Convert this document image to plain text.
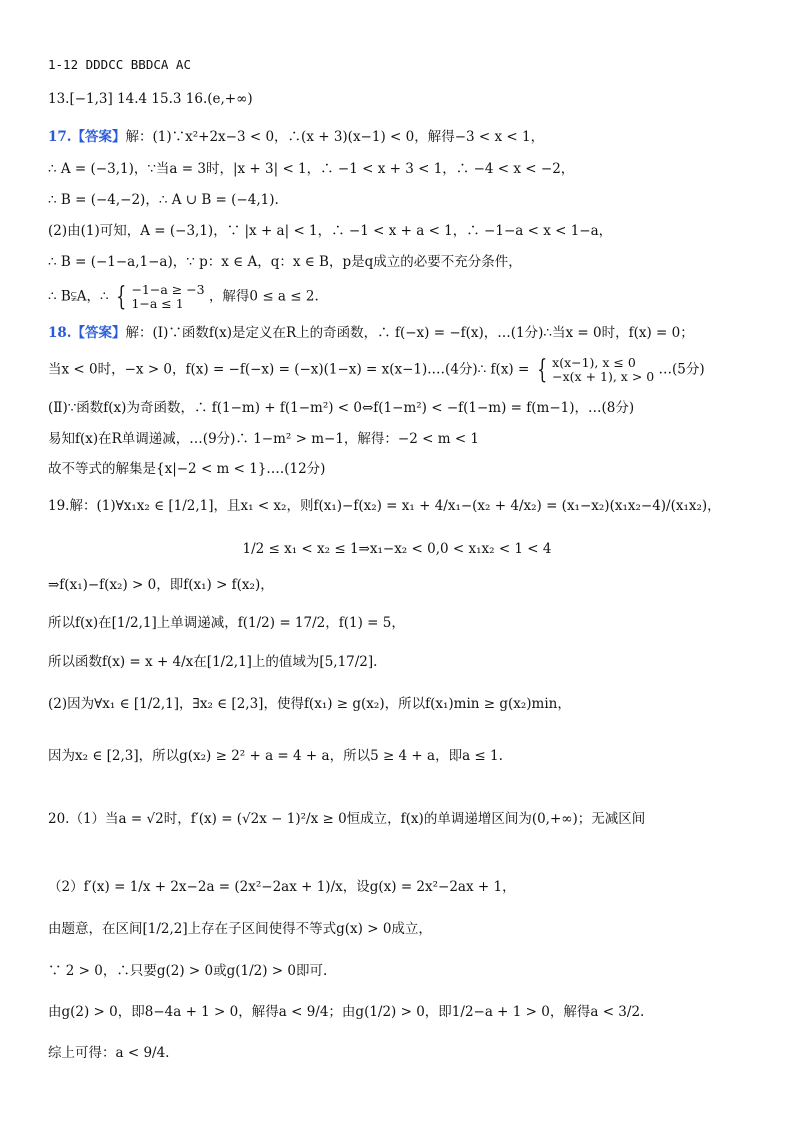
1-12 DDDCC BBDCA AC
13.[−1,3] 14.4 15.3 16.(e,+∞)
17.【答案】解：(1)∵x²+2x−3 < 0，∴(x + 3)(x−1) < 0，解得−3 < x < 1，
∴ A = (−3,1)，∵当a = 3时，|x + 3| < 1，∴ −1 < x + 3 < 1，∴ −4 < x < −2，
∴ B = (−4,−2)，∴ A ∪ B = (−4,1).
(2)由(1)可知，A = (−3,1)，∵ |x + a| < 1，∴ −1 < x + a < 1，∴ −1−a < x < 1−a，
∴ B = (−1−a,1−a)，∵ p：x ∈ A，q：x ∈ B，p是q成立的必要不充分条件，
∴ B⫋A，∴ { −1−a ≥ −3
1−a ≤ 1	，解得0 ≤ a ≤ 2.
18.【答案】解：(Ⅰ)∵函数f(x)是定义在R上的奇函数，∴ f(−x) = −f(x)，…(1分)∴当x = 0时，f(x) = 0；
当x < 0时，−x > 0，f(x) = −f(−x) = (−x)(1−x) = x(x−1).…(4分)∴ f(x) = { x(x−1), x ≤ 0
−x(x + 1), x > 0 …(5分)
(Ⅱ)∵函数f(x)为奇函数，∴ f(1−m) + f(1−m²) < 0⇔f(1−m²) < −f(1−m) = f(m−1)，…(8分)
易知f(x)在R单调递减，…(9分)∴ 1−m² > m−1，解得：−2 < m < 1
故不等式的解集是{x|−2 < m < 1}.…(12分)
19.解：(1)∀x₁x₂ ∈ [1/2,1]，且x₁ < x₂，则f(x₁)−f(x₂) = x₁ + 4/x₁−(x₂ + 4/x₂) = (x₁−x₂)(x₁x₂−4)/(x₁x₂)，
1/2 ≤ x₁ < x₂ ≤ 1⇒x₁−x₂ < 0,0 < x₁x₂ < 1 < 4
⇒f(x₁)−f(x₂) > 0，即f(x₁) > f(x₂)，
所以f(x)在[1/2,1]上单调递减，f(1/2) = 17/2，f(1) = 5，
所以函数f(x) = x + 4/x在[1/2,1]上的值域为[5,17/2].
(2)因为∀x₁ ∈ [1/2,1]，∃x₂ ∈ [2,3]，使得f(x₁) ≥ g(x₂)，所以f(x₁)min ≥ g(x₂)min，
因为x₂ ∈ [2,3]，所以g(x₂) ≥ 2² + a = 4 + a，所以5 ≥ 4 + a，即a ≤ 1.
20.（1）当a = √2时，f′(x) = (√2x − 1)²/x ≥ 0恒成立，f(x)的单调递增区间为(0,+∞)；无减区间
（2）f′(x) = 1/x + 2x−2a = (2x²−2ax + 1)/x，设g(x) = 2x²−2ax + 1，
由题意，在区间[1/2,2]上存在子区间使得不等式g(x) > 0成立，
∵ 2 > 0，∴只要g(2) > 0或g(1/2) > 0即可.
由g(2) > 0，即8−4a + 1 > 0，解得a < 9/4；由g(1/2) > 0，即1/2−a + 1 > 0，解得a < 3/2.
综上可得：a < 9/4.
